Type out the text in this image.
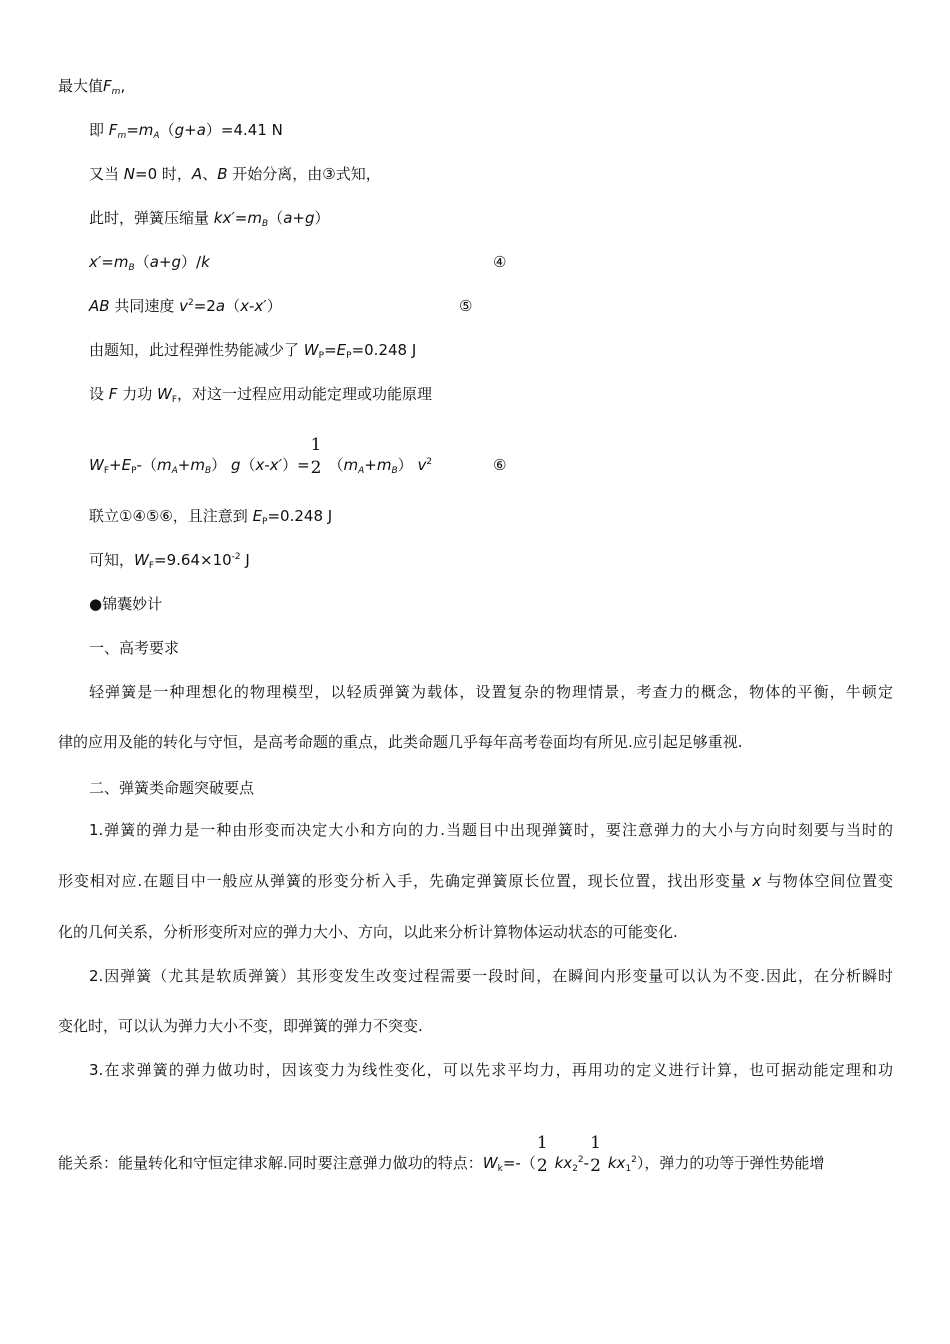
最大值$F_m$,
即 $F_m=m_A(g+a)=4.41$ N
又当 N=0 时，A、B 开始分离，由③式知，
此时，弹簧压缩量 $kx'=m_B(a+g)$
$x'=m_B(a+g)/k$	④
AB 共同速度 $v^2=2a(x-x')$	⑤
由题知，此过程弹性势能减少了 $W_P=E_P=0.248$ J
设 F 力功 $W_F$，对这一过程应用动能定理或功能原理
$W_F+E_P-(m_A+m_B)$ g（x-x′）=
1
2 $(m_A+m_B)$ $v^2$	⑥
联立①④⑤⑥，且注意到 $E_P=0.248$ J
可知，$W_F=9.64\times 10^{-2}$ J
●锦囊妙计
一、高考要求
轻弹簧是一种理想化的物理模型，以轻质弹簧为载体，设置复杂的物理情景，考查力的概念，物体的平衡，牛顿定
律的应用及能的转化与守恒，是高考命题的重点，此类命题几乎每年高考卷面均有所见.应引起足够重视.
二、弹簧类命题突破要点
1.弹簧的弹力是一种由形变而决定大小和方向的力.当题目中出现弹簧时，要注意弹力的大小与方向时刻要与当时的
形变相对应.在题目中一般应从弹簧的形变分析入手，先确定弹簧原长位置，现长位置，找出形变量 x 与物体空间位置变
化的几何关系，分析形变所对应的弹力大小、方向，以此来分析计算物体运动状态的可能变化.
2.因弹簧（尤其是软质弹簧）其形变发生改变过程需要一段时间，在瞬间内形变量可以认为不变.因此，在分析瞬时
变化时，可以认为弹力大小不变，即弹簧的弹力不突变.
3.在求弹簧的弹力做功时，因该变力为线性变化，可以先求平均力，再用功的定义进行计算，也可据动能定理和功
能关系：能量转化和守恒定律求解.同时要注意弹力做功的特点：$W_k=-$（
1
2 $kx_2^2-$
1
2 $kx_1^2$），弹力的功等于弹性势能增
